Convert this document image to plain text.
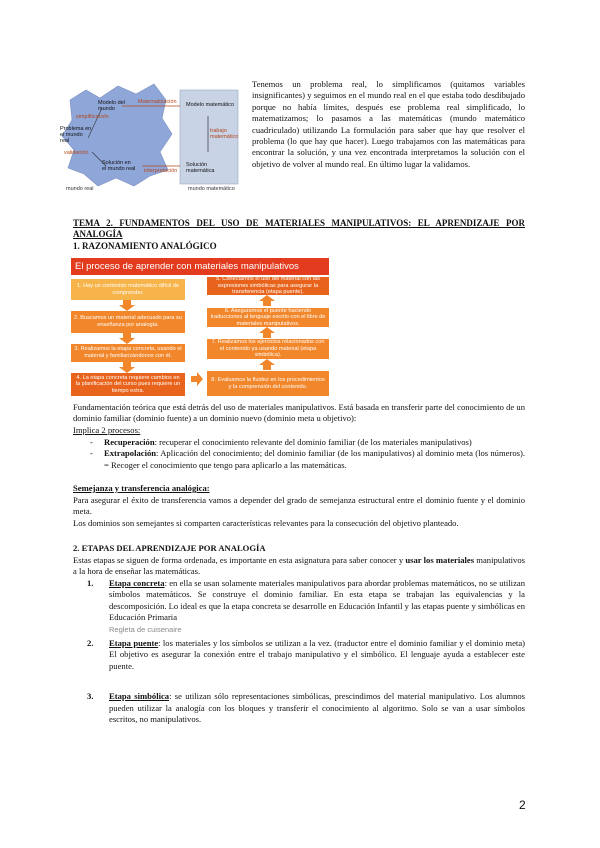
Modelo del mundo
Problema en el mundo real
Solución en el mundo real
Modelo matemático
Solución matemática
simplificación
Matematización
trabajo matemático
interpretación
validación
mundo real	mundo matemático

Tenemos un problema real, lo simplificamos (quitamos variables insignificantes) y seguimos en el mundo real en el que estaba todo desdibujado porque no había límites, después ese problema real simplificado, lo matematizamos; lo pasamos a las matemáticas (mundo matemático cuadriculado) utilizando La formulación para saber que hay que resolver el problema (lo que hay que hacer). Luego trabajamos con las matemáticas para encontrar la solución, y una vez encontrada interpretamos la solución con el objetivo de volver al mundo real. En último lugar la validamos.

TEMA 2. FUNDAMENTOS DEL USO DE MATERIALES MANIPULATIVOS: EL APRENDIZAJE POR ANALOGÍA
1. RAZONAMIENTO ANALÓGICO
El proceso de aprender con materiales manipulativos
1. Hay un contenido matemático difícil de comprender.
2. Buscamos un material adecuado para su enseñanza por analogía.
3. Realizamos la etapa concreta, usando el material y familiarizándonos con él.
4. La etapa concreta requiere cambios en la planificación del curso pues requiere un tiempo extra.
5. Conectamos el uso del material con las expresiones simbólicas para asegurar la transferencia (etapa puente).
6. Aseguramos el puente haciendo traducciones al lenguaje escrito con el libre de materiales manipulativos.
7. Realizamos los ejercicios relacionados con el contenido ya usando material (etapa simbólica).
8. Evaluamos la fluidez en los procedimientos y la comprensión del contenido.

Fundamentación teórica que está detrás del uso de materiales manipulativos. Está basada en transferir parte del conocimiento de un dominio familiar (dominio fuente) a un dominio nuevo (dominio meta u objetivo):

Implica 2 procesos:
- Recuperación: recuperar el conocimiento relevante del dominio familiar (de los materiales manipulativos)
- Extrapolación: Aplicación del conocimiento; del dominio familiar (de los manipulativos) al dominio meta (los números). = Recoger el conocimiento que tengo para aplicarlo a las matemáticas.
Semejanza y transferencia analógica:

Para asegurar el éxito de transferencia vamos a depender del grado de semejanza estructural entre el dominio fuente y el dominio meta.

Los dominios son semejantes si comparten características relevantes para la consecución del objetivo planteado.

2. ETAPAS DEL APRENDIZAJE POR ANALOGÍA

Estas etapas se siguen de forma ordenada, es importante en esta asignatura para saber conocer y usar los materiales manipulativos a la hora de enseñar las matemáticas.

1. Etapa concreta: en ella se usan solamente materiales manipulativos para abordar problemas matemáticos, no se utilizan símbolos matemáticos. Se construye el dominio familiar. En esta etapa se trabajan las equivalencias y la descomposición. Lo ideal es que la etapa concreta se desarrolle en Educación Infantil y las etapas puente y simbólicas en Educación Primaria
Regleta de cuisenaire
2. Etapa puente: los materiales y los símbolos se utilizan a la vez. (traductor entre el dominio familiar y el dominio meta) El objetivo es asegurar la conexión entre el trabajo manipulativo y el simbólico. El lenguaje ayuda a establecer este puente.
3. Etapa simbólica: se utilizan sólo representaciones simbólicas, prescindimos del material manipulativo. Los alumnos pueden utilizar la analogía con los bloques y transferir el conocimiento al algoritmo. Solo se van a usar símbolos escritos, no manipulativos.
2
